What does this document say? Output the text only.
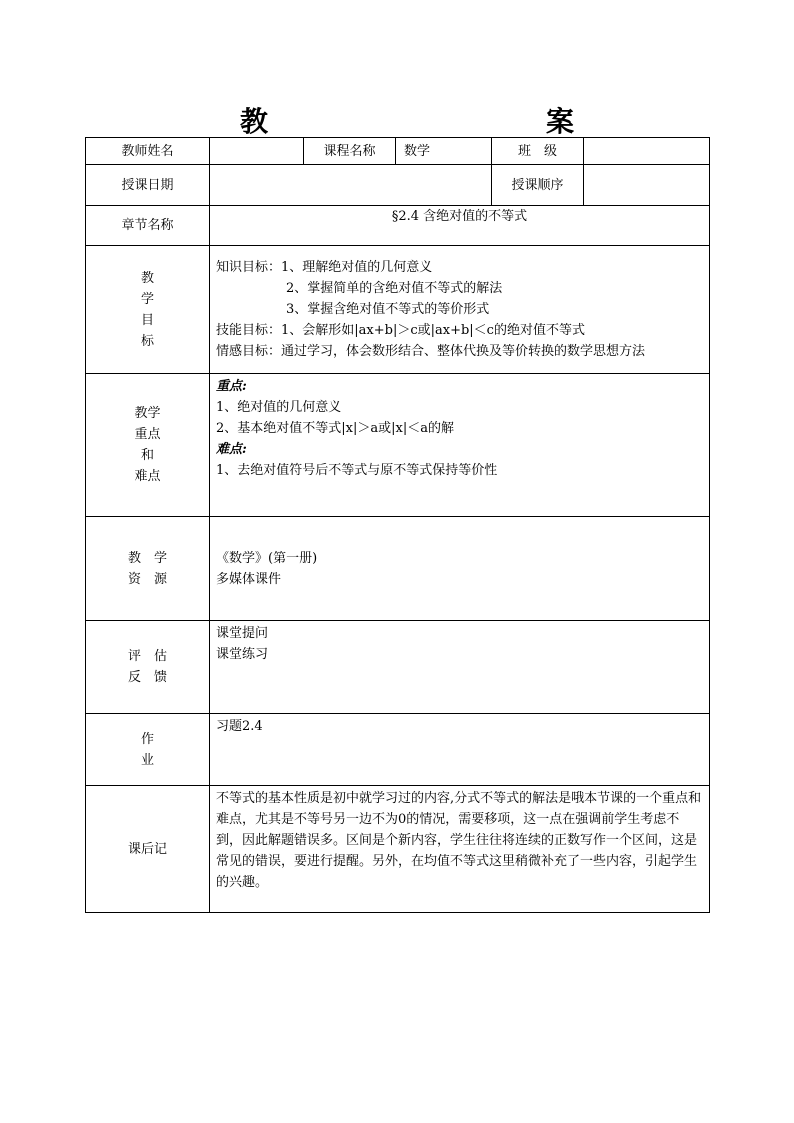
教	案
教师姓名		课程名称	数学	班　级	
授课日期				授课顺序	
章节名称	§2.4 含绝对值的不等式				

教
学
目
标	知识目标：1、理解绝对值的几何意义
2、掌握简单的含绝对值不等式的解法
3、掌握含绝对值不等式的等价形式
技能目标：1、会解形如|ax+b|＞c或|ax+b|＜c的绝对值不等式
情感目标：通过学习，体会数形结合、整体代换及等价转换的数学思想方法				

教学
重点
和
难点	重点:
1、绝对值的几何意义
2、基本绝对值不等式|x|＞a或|x|＜a的解
难点:
1、去绝对值符号后不等式与原不等式保持等价性				

教　学
资　源	《数学》(第一册)
多媒体课件				

评　估
反　馈	课堂提问
课堂练习				

作
业	习题2.4				

课后记	不等式的基本性质是初中就学习过的内容,分式不等式的解法是哦本节课的一个重点和难点，尤其是不等号另一边不为0的情况，需要移项，这一点在强调前学生考虑不到，因此解题错误多。区间是个新内容，学生往往将连续的正数写作一个区间，这是常见的错误，要进行提醒。另外，在均值不等式这里稍微补充了一些内容，引起学生的兴趣。				
